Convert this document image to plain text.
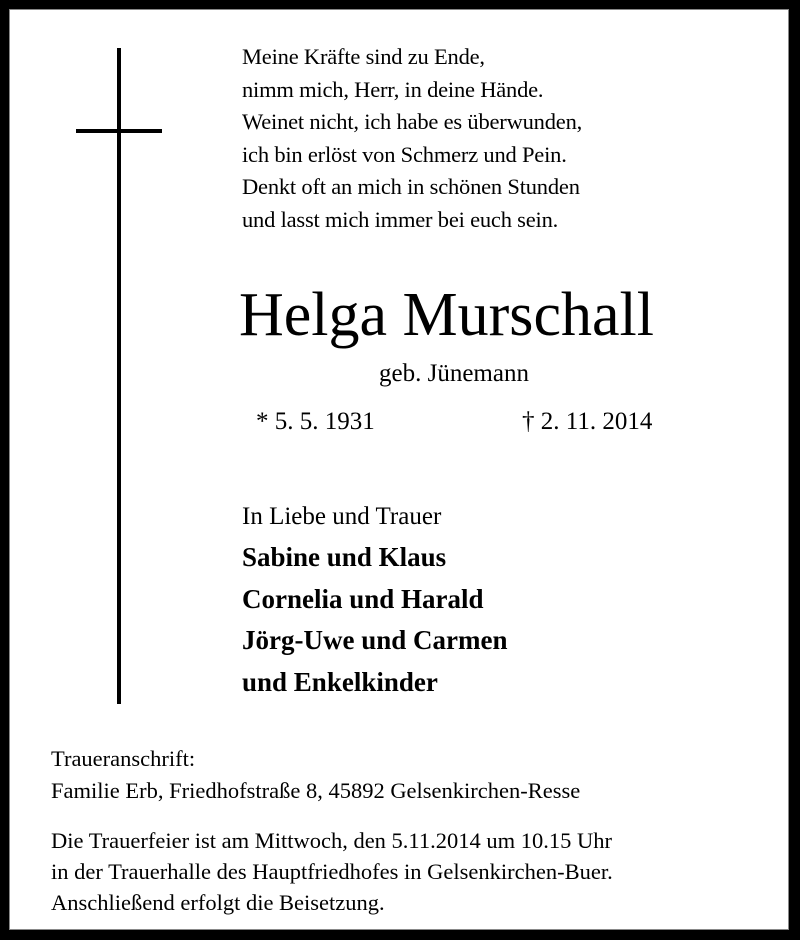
Meine Kräfte sind zu Ende,
nimm mich, Herr, in deine Hände.
Weinet nicht, ich habe es überwunden,
ich bin erlöst von Schmerz und Pein.
Denkt oft an mich in schönen Stunden
und lasst mich immer bei euch sein.
Helga Murschall
geb. Jünemann
* 5. 5. 1931	† 2. 11. 2014
In Liebe und Trauer
Sabine und Klaus
Cornelia und Harald
Jörg-Uwe und Carmen
und Enkelkinder
Traueranschrift:
Familie Erb, Friedhofstraße 8, 45892 Gelsenkirchen-Resse
Die Trauerfeier ist am Mittwoch, den 5.11.2014 um 10.15 Uhr
in der Trauerhalle des Hauptfriedhofes in Gelsenkirchen-Buer.
Anschließend erfolgt die Beisetzung.
